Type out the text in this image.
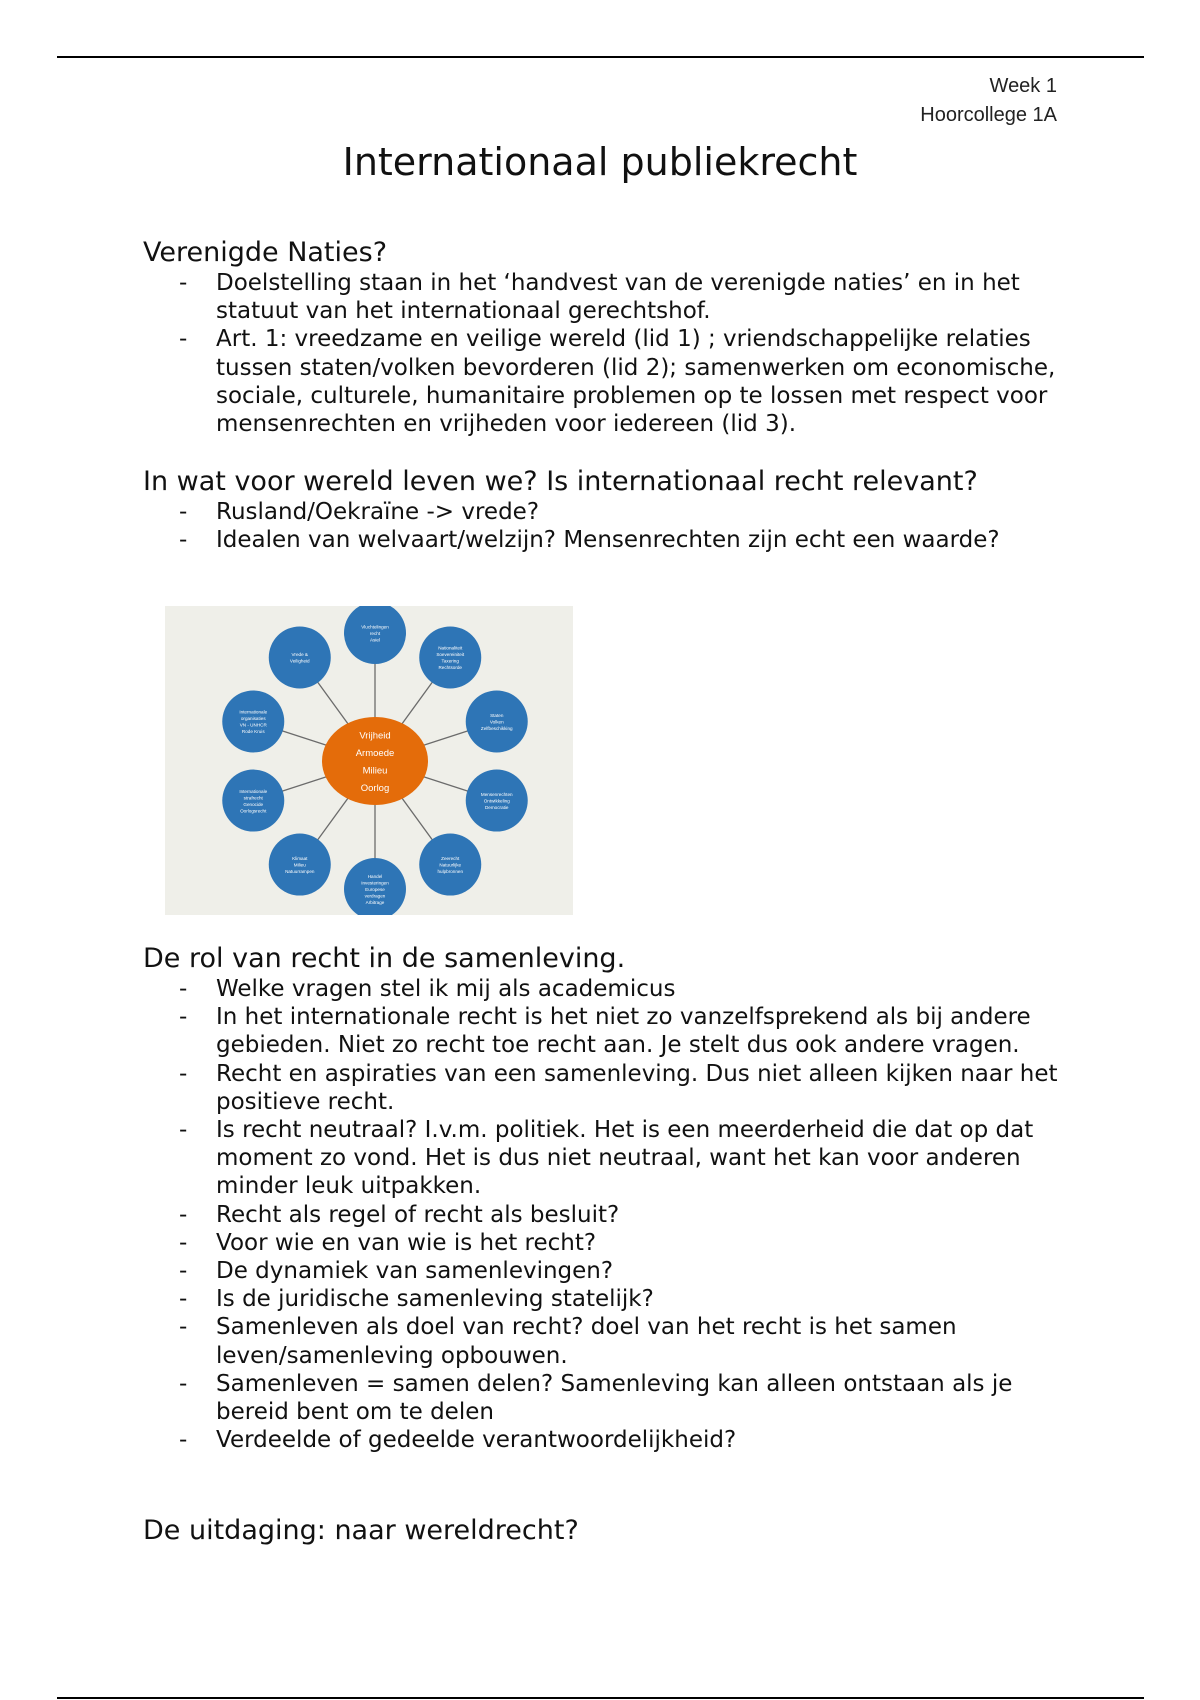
Week 1
Hoorcollege 1A
Internationaal publiekrecht
Verenigde Naties?
- Doelstelling staan in het ‘handvest van de verenigde naties’ en in het statuut van het internationaal gerechtshof.
- Art. 1: vreedzame en veilige wereld (lid 1) ; vriendschappelijke relaties tussen staten/volken bevorderen (lid 2); samenwerken om economische, sociale, culturele, humanitaire problemen op te lossen met respect voor mensenrechten en vrijheden voor iedereen (lid 3).
In wat voor wereld leven we? Is internationaal recht relevant?
- Rusland/Oekraïne -> vrede?
- Idealen van welvaart/welzijn? Mensenrechten zijn echt een waarde?
Vluchtelingen
recht
Asiel
Nationaliteit
Soevereiniteit
Taxering
Rechtsorde
Staten
Volken
Zelfbeschikking
Mensenrechten
Ontwikkeling
Democratie
Zeerecht
Natuurlijke
hulpbronnen
Handel
Investeringen
Europese
verdragen
Arbitrage
Klimaat
Milieu
Natuurrampen
Internationale
strafrecht
Genocide
Oorlogsrecht
Internationale
organisaties
VN - UNHCR
Rode Kruis
Vrede &
Veiligheid
Vrijheid
Armoede
Milieu
Oorlog
De rol van recht in de samenleving.
- Welke vragen stel ik mij als academicus
- In het internationale recht is het niet zo vanzelfsprekend als bij andere gebieden. Niet zo recht toe recht aan. Je stelt dus ook andere vragen.
- Recht en aspiraties van een samenleving. Dus niet alleen kijken naar het positieve recht.
- Is recht neutraal? I.v.m. politiek. Het is een meerderheid die dat op dat moment zo vond. Het is dus niet neutraal, want het kan voor anderen minder leuk uitpakken.
- Recht als regel of recht als besluit?
- Voor wie en van wie is het recht?
- De dynamiek van samenlevingen?
- Is de juridische samenleving statelijk?
- Samenleven als doel van recht? doel van het recht is het samen leven/samenleving opbouwen.
- Samenleven = samen delen? Samenleving kan alleen ontstaan als je bereid bent om te delen
- Verdeelde of gedeelde verantwoordelijkheid?
De uitdaging: naar wereldrecht?
